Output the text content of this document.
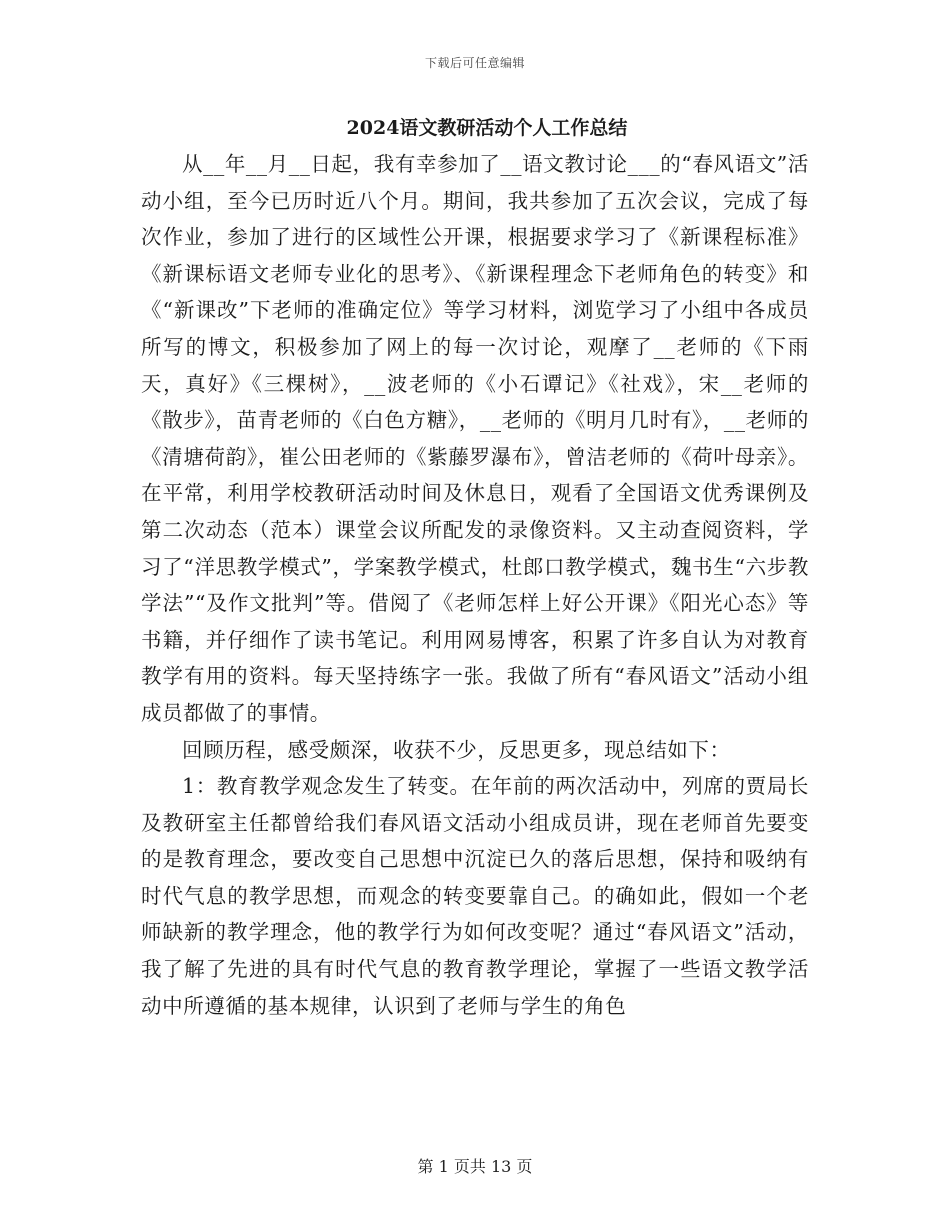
下载后可任意编辑
2024语文教研活动个人工作总结

从__年__月__日起，我有幸参加了__语文教讨论___的“春风语文”活动小组，至今已历时近八个月。期间，我共参加了五次会议，完成了每次作业，参加了进行的区域性公开课，根据要求学习了《新课程标准》《新课标语文老师专业化的思考》、《新课程理念下老师角色的转变》和《“新课改”下老师的准确定位》等学习材料，浏览学习了小组中各成员所写的博文，积极参加了网上的每一次讨论，观摩了__老师的《下雨天，真好》《三棵树》，__波老师的《小石谭记》《社戏》，宋__老师的《散步》，苗青老师的《白色方糖》，__老师的《明月几时有》，__老师的《清塘荷韵》，崔公田老师的《紫藤罗瀑布》，曾洁老师的《荷叶母亲》。在平常，利用学校教研活动时间及休息日，观看了全国语文优秀课例及第二次动态（范本）课堂会议所配发的录像资料。又主动查阅资料，学习了“洋思教学模式”，学案教学模式，杜郎口教学模式，魏书生“六步教学法”“及作文批判”等。借阅了《老师怎样上好公开课》《阳光心态》等书籍，并仔细作了读书笔记。利用网易博客，积累了许多自认为对教育教学有用的资料。每天坚持练字一张。我做了所有“春风语文”活动小组成员都做了的事情。

回顾历程，感受颇深，收获不少，反思更多，现总结如下：

1：教育教学观念发生了转变。在年前的两次活动中，列席的贾局长及教研室主任都曾给我们春风语文活动小组成员讲，现在老师首先要变的是教育理念，要改变自己思想中沉淀已久的落后思想，保持和吸纳有时代气息的教学思想，而观念的转变要靠自己。的确如此，假如一个老师缺新的教学理念，他的教学行为如何改变呢？通过“春风语文”活动，我了解了先进的具有时代气息的教育教学理论，掌握了一些语文教学活动中所遵循的基本规律，认识到了老师与学生的角色

第 1 页共 13 页
